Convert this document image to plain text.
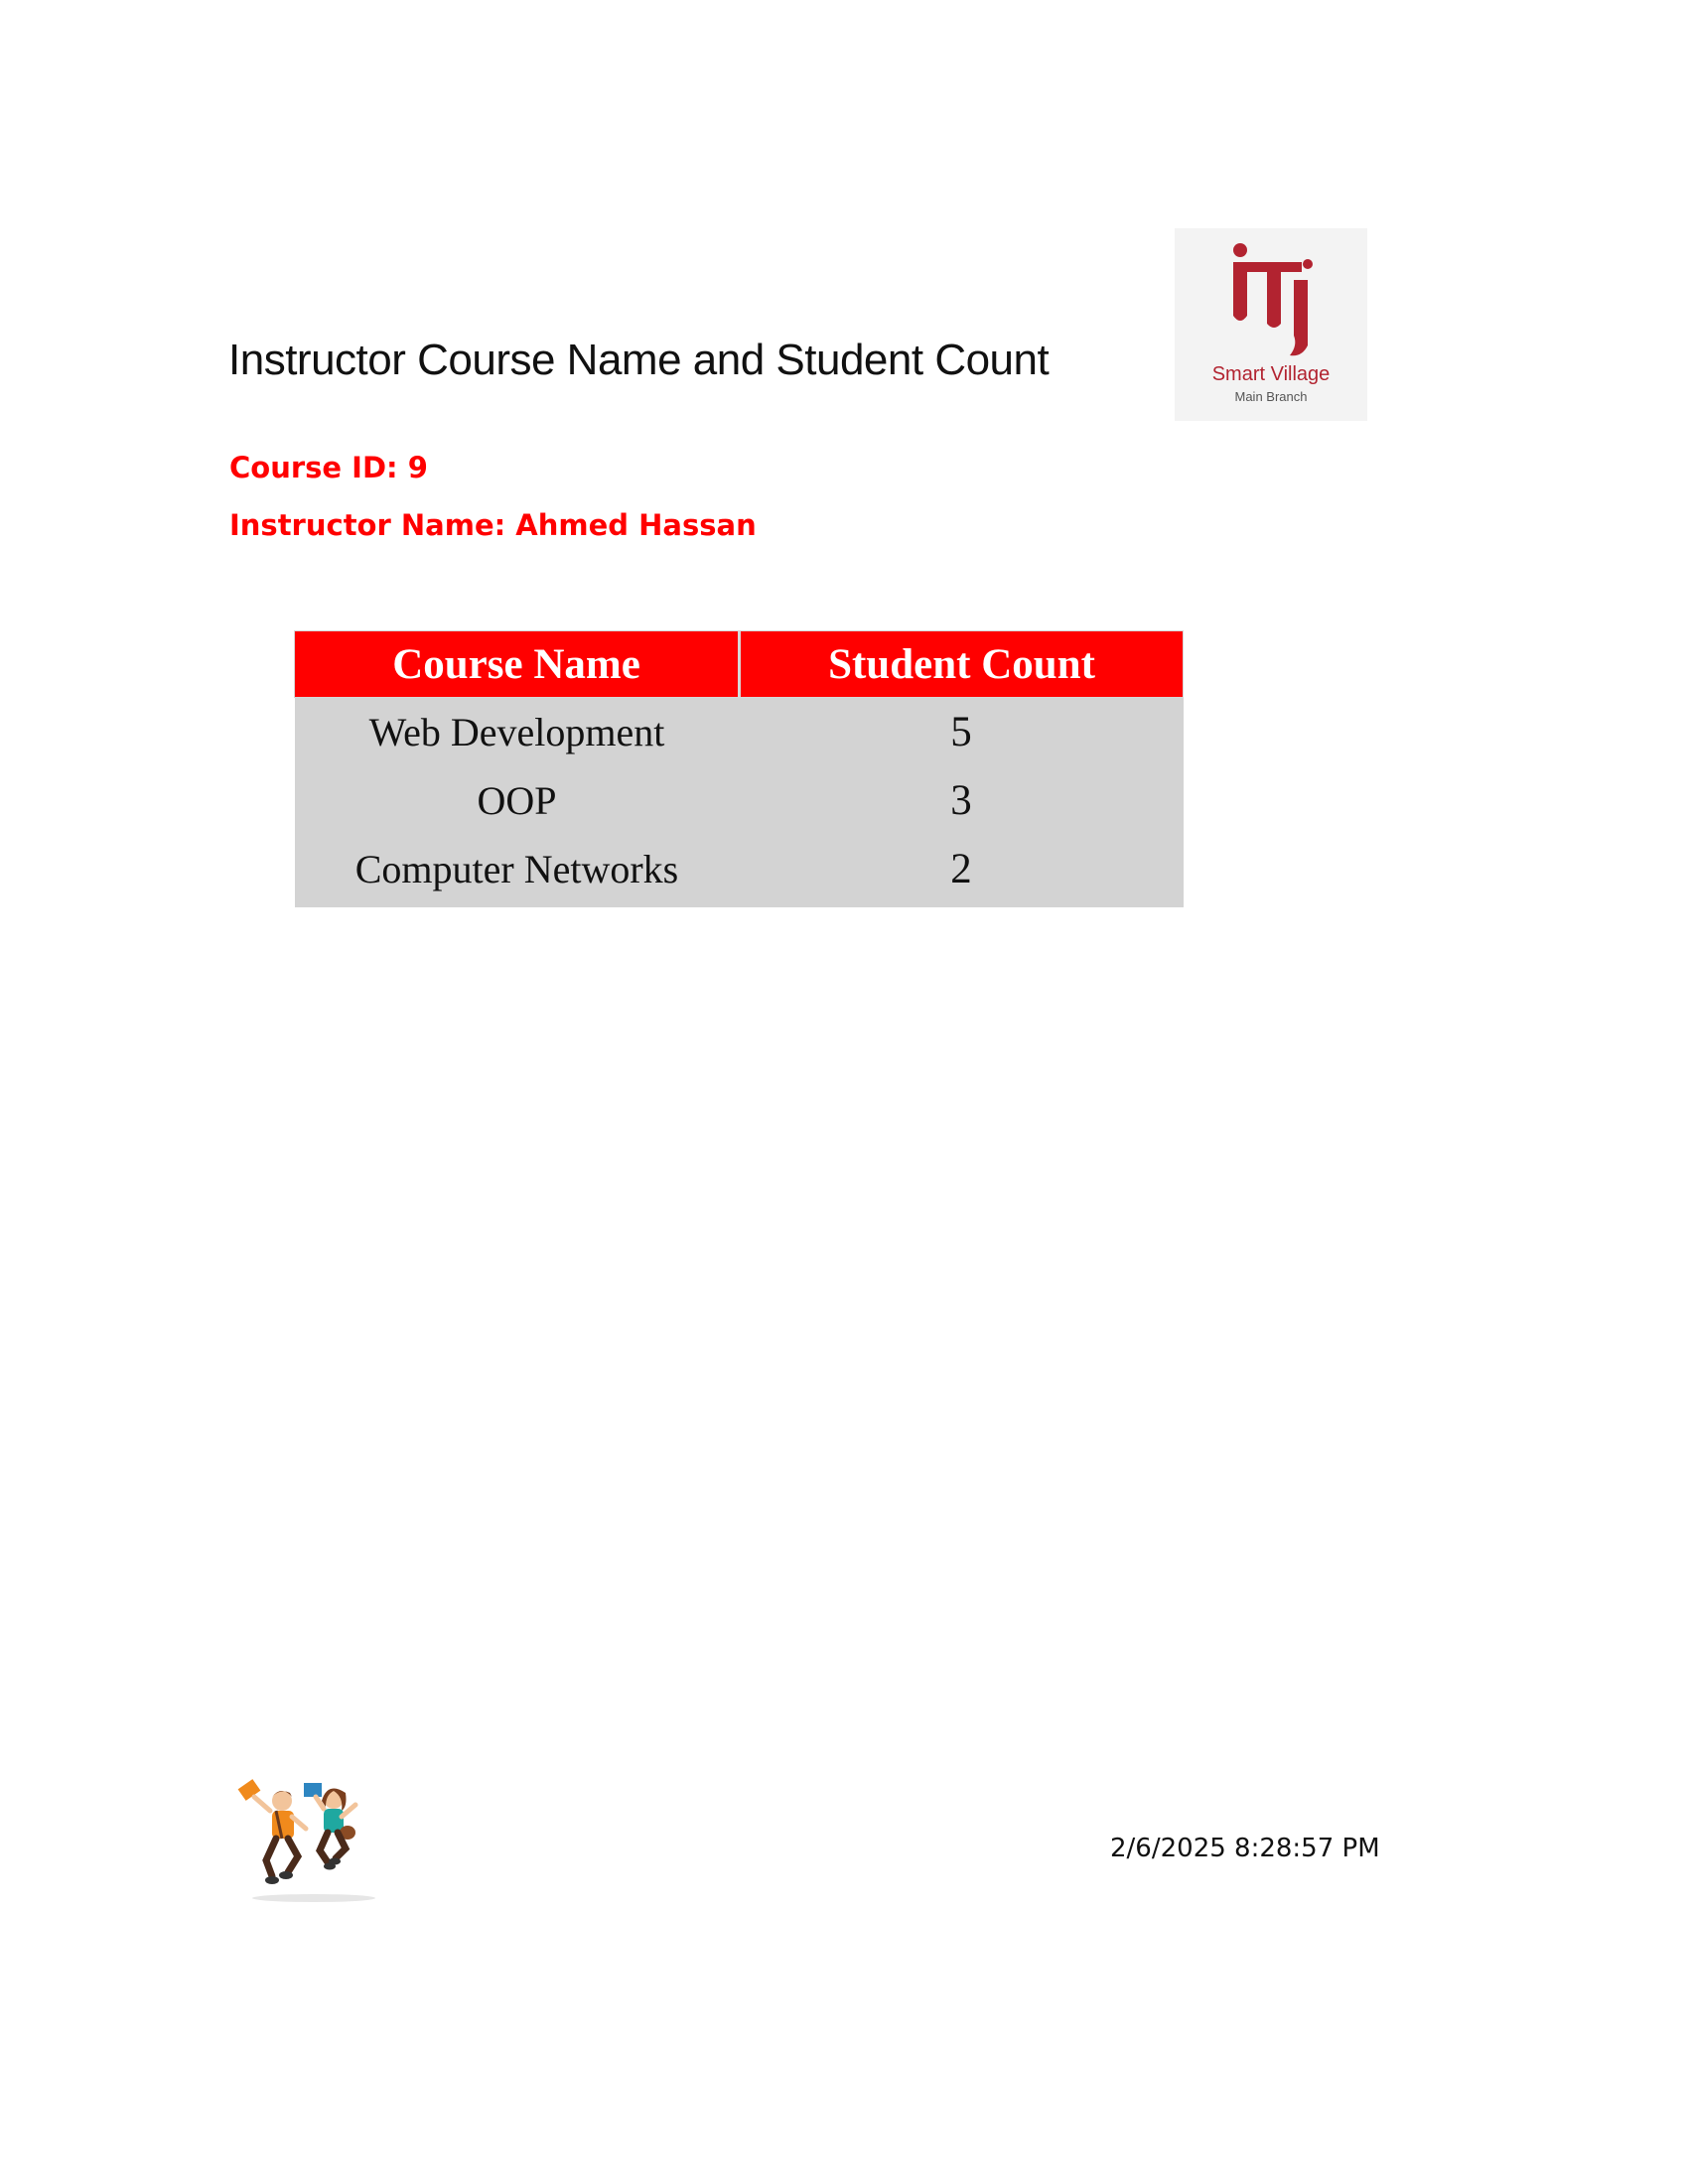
Instructor Course Name and Student Count	Smart Village
Main Branch
Course ID: 9
Instructor Name: Ahmed Hassan
Course Name	Student Count
Web Development	5
OOP	3
Computer Networks	2
2/6/2025 8:28:57 PM
